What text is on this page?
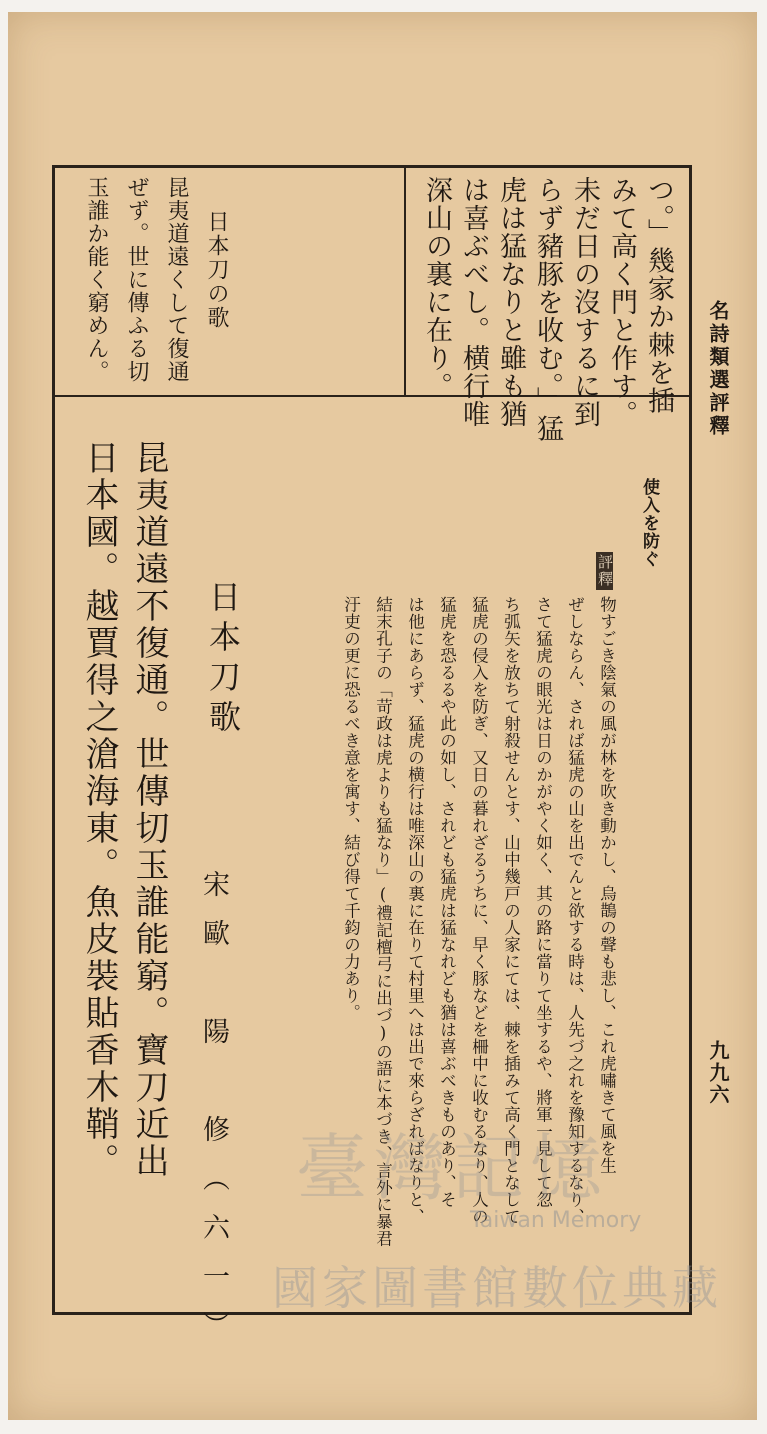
名詩類選評釋
九九六
つ。」幾家か棘を插
みて高く門と作す。
未だ日の沒するに到
らず豬豚を收む。」猛
虎は猛なりと雖も猶
は喜ぶべし。横行唯
深山の裏に在り。
日本刀の歌
昆夷道遠くして復通
ぜず。世に傳ふる切
玉誰か能く窮めん。
使入を防ぐ
評釋
物すごき陰氣の風が林を吹き動かし、烏鵲の聲も悲し、これ虎嘯きて風を生
ぜしならん、されば猛虎の山を出でんと欲する時は、人先づ之れを豫知するなり、
さて猛虎の眼光は日のかがやく如く、其の路に當りて坐するや、將軍一見して忽
ち弧矢を放ちて射殺せんとす、山中幾戸の人家にては、棘を插みて高く門となして
猛虎の侵入を防ぎ、又日の暮れざるうちに、早く豚などを柵中に收むるなり、人の
猛虎を恐るるや此の如し、されども猛虎は猛なれども猶は喜ぶべきものあり、そ
は他にあらず、猛虎の横行は唯深山の裏に在りて村里へは出で來らざればなりと、
結末孔子の「苛政は虎よりも猛なり」(禮記檀弓に出づ)の語に本づき、言外に暴君
汙吏の更に恐るべき意を寓す、結び得て千鈞の力あり。
日本刀歌
宋歐　陽　修（六一）
昆夷道遠不復通。世傳切玉誰能窮。寶刀近出
日本國。越賈得之滄海東。魚皮裝貼香木鞘。 臺灣記憶
Taiwan Memory
國家圖書館數位典藏
